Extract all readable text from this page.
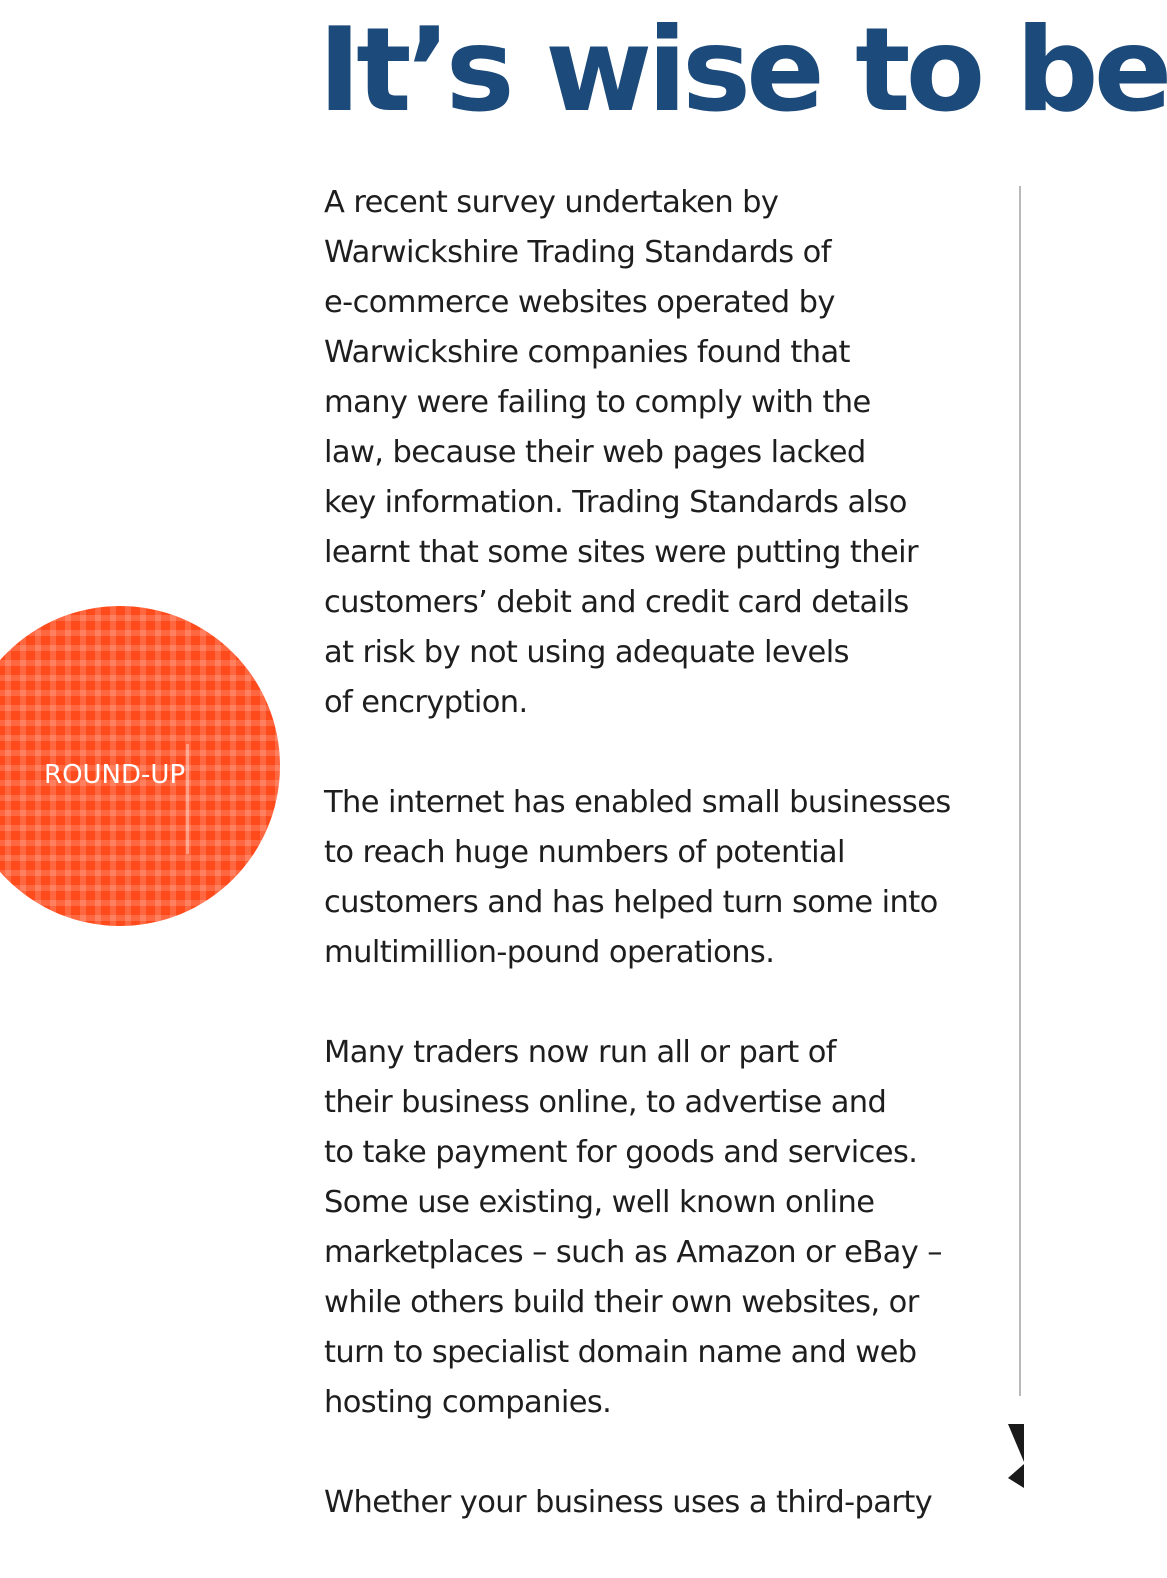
It’s wise to be
ROUND-UP

A recent survey undertaken by
Warwickshire Trading Standards of
e-commerce websites operated by
Warwickshire companies found that
many were failing to comply with the
law, because their web pages lacked
key information. Trading Standards also
learnt that some sites were putting their
customers’ debit and credit card details
at risk by not using adequate levels
of encryption.

The internet has enabled small businesses
to reach huge numbers of potential
customers and has helped turn some into
multimillion-pound operations.

Many traders now run all or part of
their business online, to advertise and
to take payment for goods and services.
Some use existing, well known online
marketplaces – such as Amazon or eBay –
while others build their own websites, or
turn to specialist domain name and web
hosting companies.

Whether your business uses a third-party
